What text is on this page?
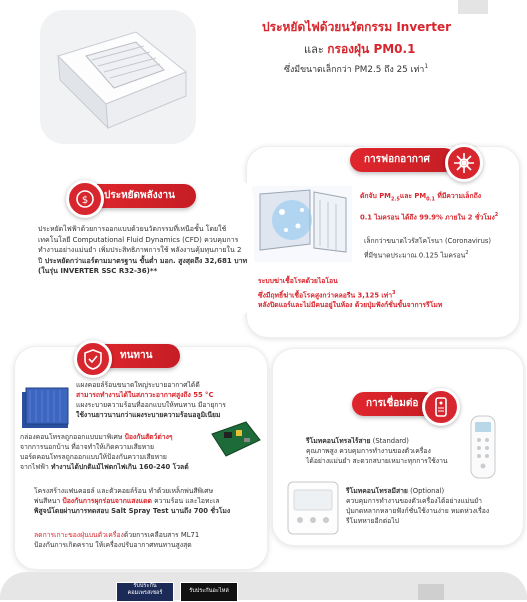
ประหยัดไฟด้วยนวัตกรรม Inverter
และ กรองฝุ่น PM0.1
ซึ่งมีขนาดเล็กกว่า PM2.5 ถึง 25 เท่า$^1$
การฟอกอากาศ
ดักจับ $PM_{2.5}$และ $PM_{0.1}$ ที่มีความเล็กถึง
0.1 ไมครอน ได้ถึง 99.9% ภายใน 2 ชั่วโมง$^2$
เล็กกว่าขนาดไวรัสโคโรนา (Coronavirus)
ที่มีขนาดประมาณ 0.125 ไมครอน$^2$
ระบบฆ่าเชื้อโรคด้วยไอโอน
ซึ่งมีฤทธิ์ฆ่าเชื้อโรคสูงกว่าคลอรีน 3,125 เท่า$^3$
หลังปิดแอร์และไม่มีคนอยู่ในห้อง ด้วยปุ่มฟังก์ชั่นขั้นจาการรีโมท
ประหยัดพลังงาน
$
ประหยัดไฟฟ้าด้วยการออกแบบด้วยนวัตกรรมที่เหนือชั้น โดยใช้เทคโนโลยี Computational Fluid Dynamics (CFD) ควบคุมการทำงานอย่างแม่นยำ เพิ่มประสิทธิภาพการใช้ พลังงานคุ้มทุนภายใน 2 ปี ประหยัดกว่าแอร์ตามมาตรฐาน ขั้นต่ำ มอก. สูงสุดถึง 32,681 บาท (ในรุ่น INVERTER SSC R32-36)**
ทนทาน
แผงคอยล์ร้อนขนาดใหญ่ระบายอากาศได้ดี
สามารถทำงานได้ในสภาวะอากาศสูงถึง 55 °C
แผงระบายความร้อนที่ออกแบบให้ทนทาน มีอายุการ
ใช้งานยาวนานกว่าแผงระบายความร้อนอลูมิเนียม
กล่องคอนโทรลถูกออกแบบมาพิเศษ ป้องกันสัตว์ต่างๆ
จากการนอกบ้าน ที่อาจทำให้เกิดความเสียหาย
บอร์ดคอนโทรลถูกออกแบบให้ป้องกันความเสียหาย
จากไฟฟ้า ทำงานได้ปกติแม้ไฟตกไฟเกิน 160-240 โวลต์
โครงสร้างแฟนคอยล์ และตัวคอยล์ร้อน ทำด้วยเหล็กพ่นสีพิเศษ
พ่นสีหนา ป้องกันการผุกร่อนจากแสงแดด ความร้อน และไอทะเล
พิสูจน์โดยผ่านการทดสอบ Salt Spray Test นานถึง 700 ชั่วโมง
ลดการเกาะของฝุ่นบนตัวเครื่องด้วยการเคลือบสาร ML71
ป้องกันการเกิดคราบ ให้เครื่องปรับอากาศทนทานสูงสุด
การเชื่อมต่อ
รีโมทคอนโทรลไร้สาย (Standard)
คุณภาพสูง ควบคุมการทำงานของตัวเครื่อง
ได้อย่างแม่นยำ สะดวกสบายเหมาะทุกการใช้งาน
รีโมทคอนโทรลมีสาย (Optional)
ควบคุมการทำงานของตัวเครื่องได้อย่างแม่นยำ
ปุ่มกดหลากหลายฟังก์ชั่นใช้งานง่าย หมดห่วงเรื่อง
รีโมทหายอีกต่อไป
รับประกัน คอมเพรสเซอร์	รับประกันอะไหล่
